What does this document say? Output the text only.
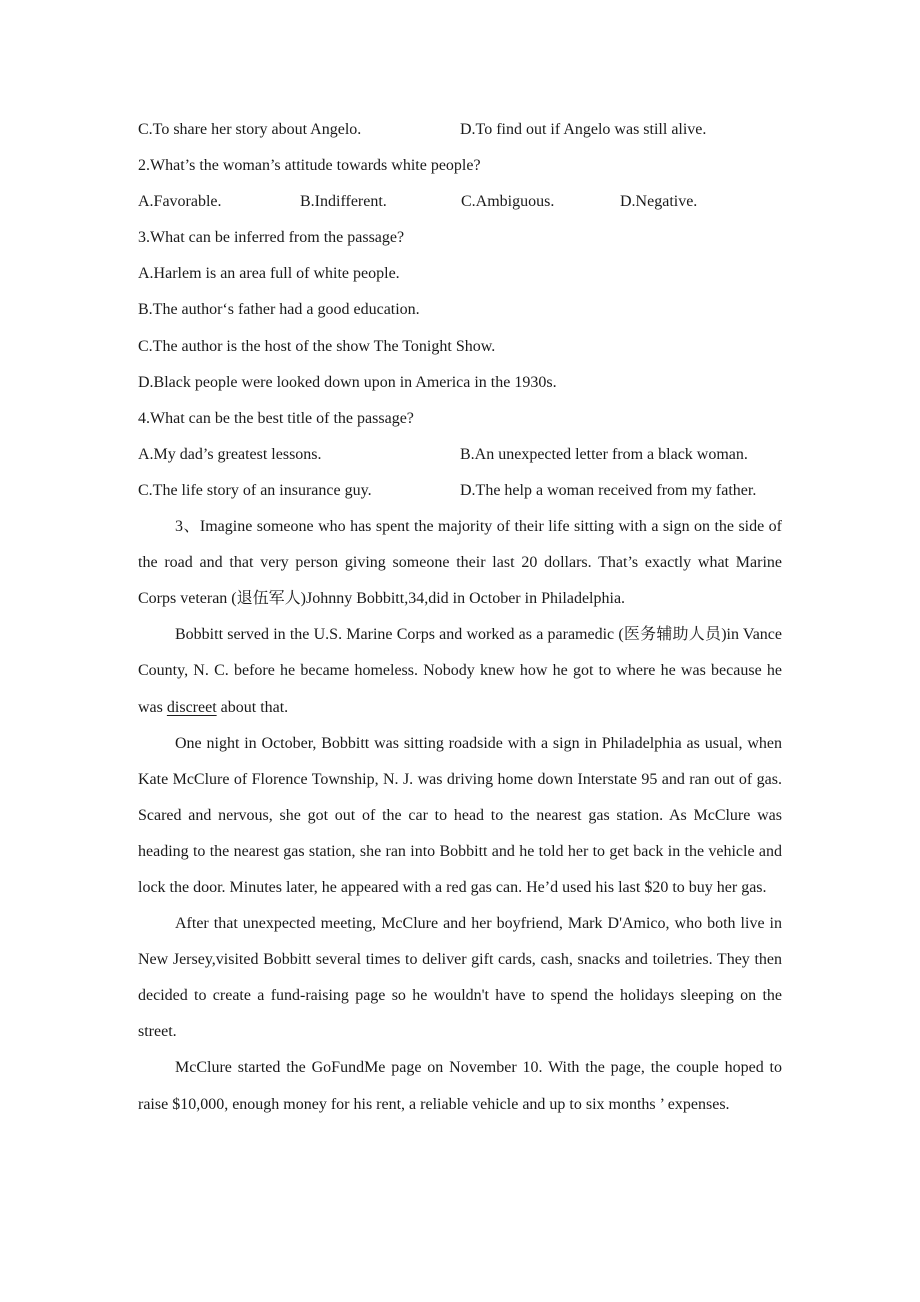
C.To share her story about Angelo.	D.To find out if Angelo was still alive.
2.What’s the woman’s attitude towards white people?
A.Favorable.	B.Indifferent.	C.Ambiguous.	D.Negative.
3.What can be inferred from the passage?
A.Harlem is an area full of white people.
B.The author‘s father had a good education.
C.The author is the host of the show The Tonight Show.
D.Black people were looked down upon in America in the 1930s.
4.What can be the best title of the passage?
A.My dad’s greatest lessons.	B.An unexpected letter from a black woman.
C.The life story of an insurance guy.	D.The help a woman received from my father.
3、Imagine someone who has spent the majority of their life sitting with a sign on the side of the road and that very person giving someone their last 20 dollars. That’s exactly what Marine Corps veteran (退伍军人)Johnny Bobbitt,34,did in October in Philadelphia.
Bobbitt served in the U.S. Marine Corps and worked as a paramedic (医务辅助人员)in Vance County, N. C. before he became homeless. Nobody knew how he got to where he was because he was discreet about that.
One night in October, Bobbitt was sitting roadside with a sign in Philadelphia as usual, when Kate McClure of Florence Township, N. J. was driving home down Interstate 95 and ran out of gas. Scared and nervous, she got out of the car to head to the nearest gas station. As McClure was heading to the nearest gas station, she ran into Bobbitt and he told her to get back in the vehicle and lock the door. Minutes later, he appeared with a red gas can. He’d used his last $20 to buy her gas.
After that unexpected meeting, McClure and her boyfriend, Mark D'Amico, who both live in New Jersey,visited Bobbitt several times to deliver gift cards, cash, snacks and toiletries. They then decided to create a fund-raising page so he wouldn't have to spend the holidays sleeping on the street.
McClure started the GoFundMe page on November 10. With the page, the couple hoped to raise $10,000, enough money for his rent, a reliable vehicle and up to six months ’ expenses.
